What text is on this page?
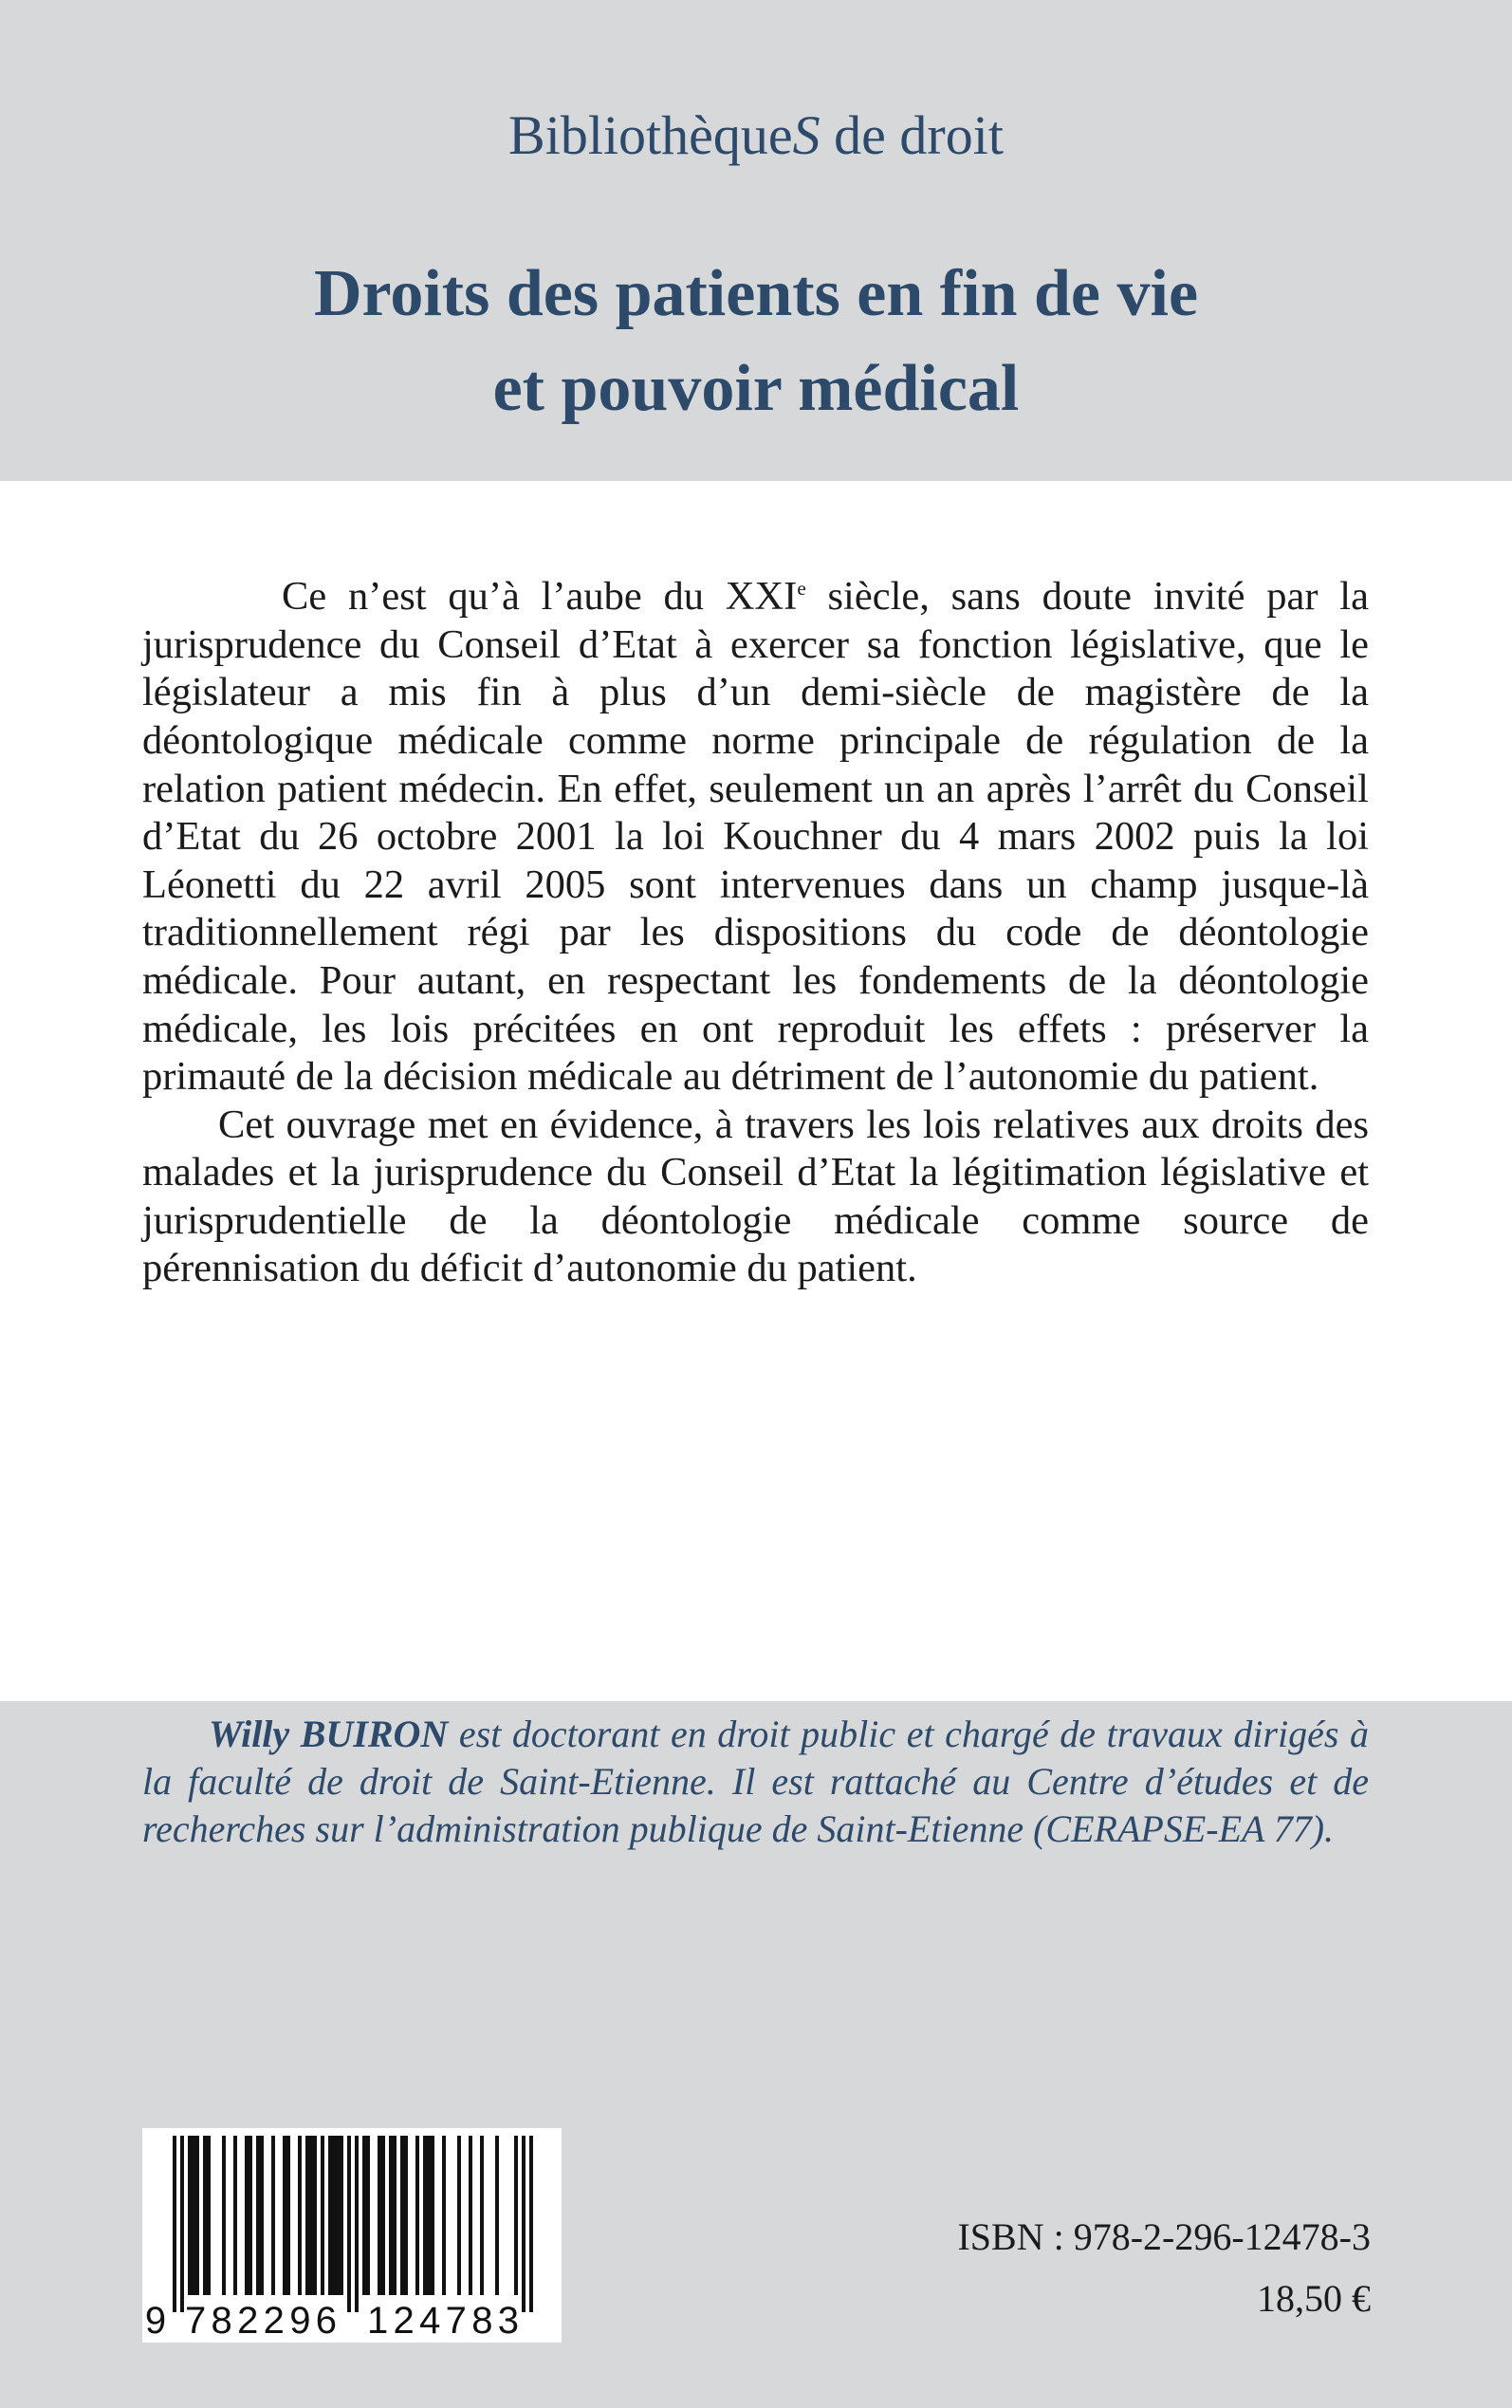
BibliothèqueS de droit
Droits des patients en fin de vie
et pouvoir médical

Ce n’est qu’à l’aube du XXIe siècle, sans doute invité par la jurisprudence du Conseil d’Etat à exercer sa fonction législative, que le législateur a mis fin à plus d’un demi-siècle de magistère de la déontologique médicale comme norme principale de régulation de la relation patient médecin. En effet, seulement un an après l’arrêt du Conseil d’Etat du 26 octobre 2001 la loi Kouchner du 4 mars 2002 puis la loi Léonetti du 22 avril 2005 sont intervenues dans un champ jusque-là traditionnellement régi par les dispositions du code de déontologie médicale. Pour autant, en respectant les fondements de la déontologie médicale, les lois précitées en ont reproduit les effets : préserver la primauté de la décision médicale au détriment de l’autonomie du patient.

Cet ouvrage met en évidence, à travers les lois relatives aux droits des malades et la jurisprudence du Conseil d’Etat la légitimation législative et jurisprudentielle de la déontologie médicale comme source de pérennisation du déficit d’autonomie du patient.

Willy BUIRON est doctorant en droit public et chargé de travaux dirigés à la faculté de droit de Saint-Etienne. Il est rattaché au Centre d’études et de recherches sur l’administration publique de Saint-Etienne (CERAPSE-EA 77).

9 782296 124783
ISBN : 978-2-296-12478-3
18,50 €
